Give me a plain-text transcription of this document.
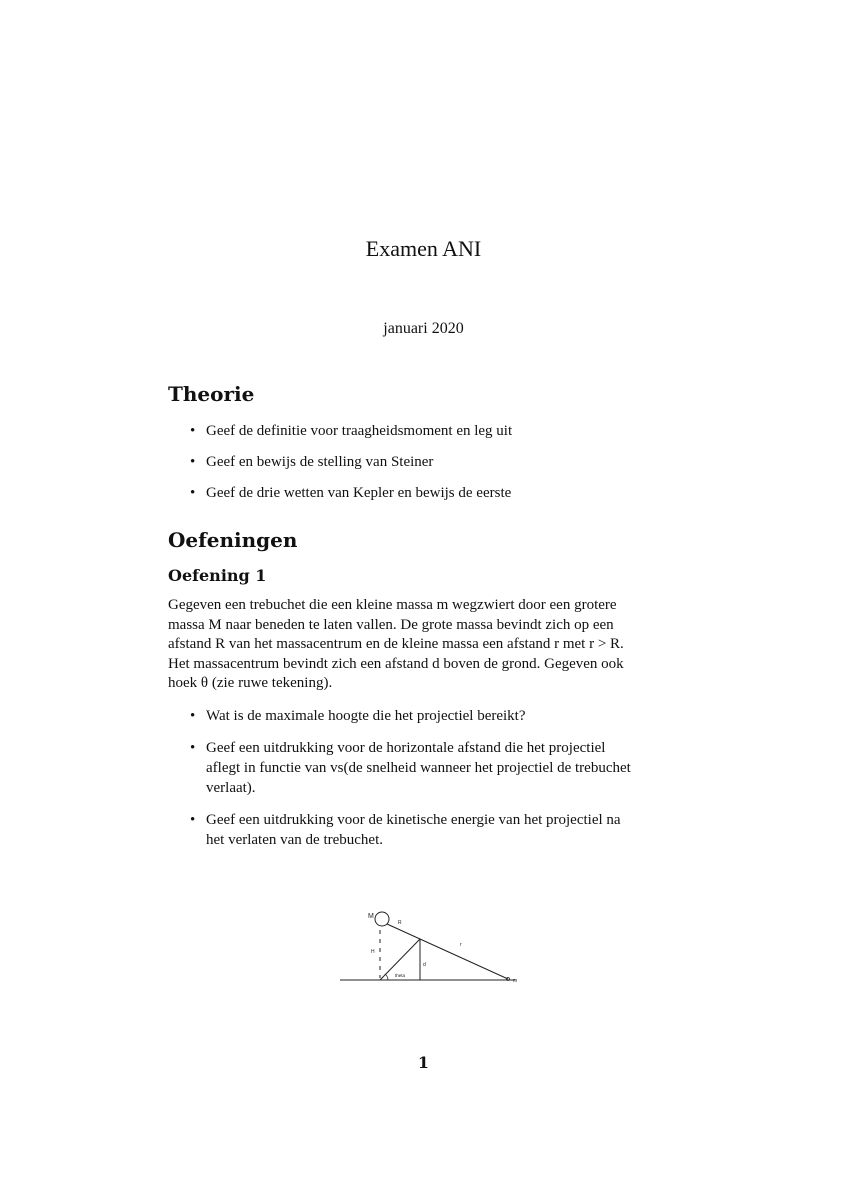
Examen ANI
januari 2020
Theorie
• Geef de definitie voor traagheidsmoment en leg uit
• Geef en bewijs de stelling van Steiner
• Geef de drie wetten van Kepler en bewijs de eerste
Oefeningen
Oefening 1
Gegeven een trebuchet die een kleine massa m wegzwiert door een grotere
massa M naar beneden te laten vallen. De grote massa bevindt zich op een
afstand R van het massacentrum en de kleine massa een afstand r met r > R.
Het massacentrum bevindt zich een afstand d boven de grond. Gegeven ook
hoek θ (zie ruwe tekening).
• Wat is de maximale hoogte die het projectiel bereikt?
• Geef een uitdrukking voor de horizontale afstand die het projectiel
aflegt in functie van vs(de snelheid wanneer het projectiel de trebuchet
verlaat).
• Geef een uitdrukking voor de kinetische energie van het projectiel na
het verlaten van de trebuchet.
M
R
H
r
d
theta
m
1
